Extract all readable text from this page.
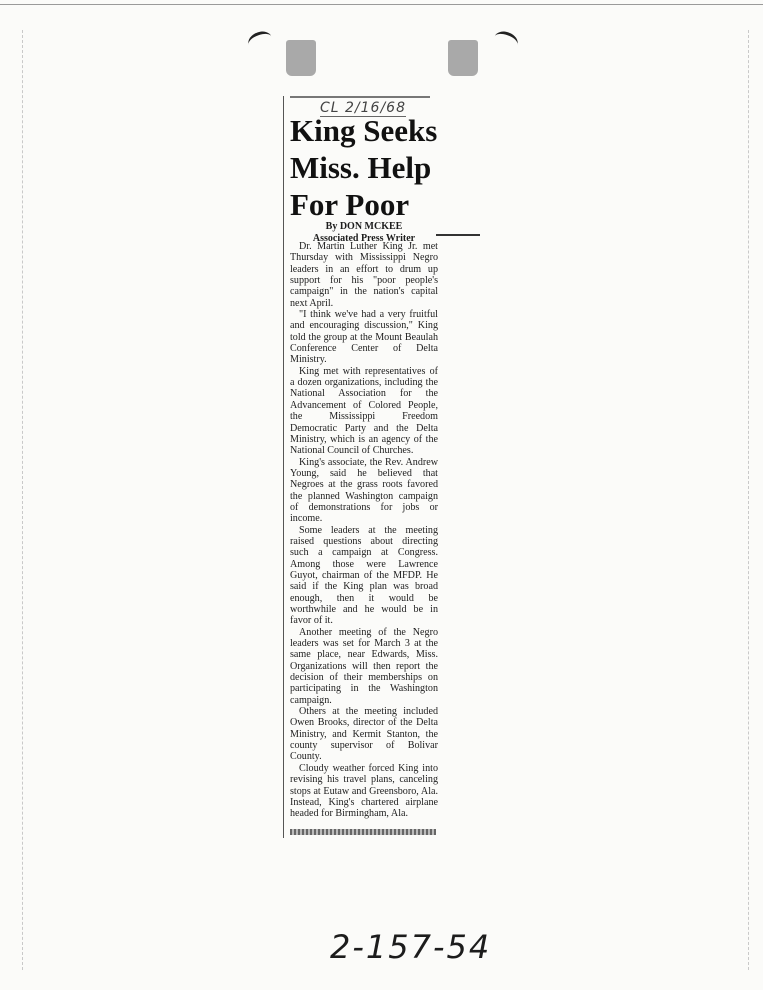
CL 2/16/68
King Seeks Miss. Help For Poor
By DON MCKEE
Associated Press Writer

Dr. Martin Luther King Jr. met Thursday with Mississippi Negro leaders in an effort to drum up support for his "poor people's campaign" in the nation's capital next April.

"I think we've had a very fruitful and encouraging discussion," King told the group at the Mount Beaulah Conference Center of Delta Ministry.

King met with representatives of a dozen organizations, including the National Association for the Advancement of Colored People, the Mississippi Freedom Democratic Party and the Delta Ministry, which is an agency of the National Council of Churches.

King's associate, the Rev. Andrew Young, said he believed that Negroes at the grass roots favored the planned Washington campaign of demonstrations for jobs or income.

Some leaders at the meeting raised questions about directing such a campaign at Congress. Among those were Lawrence Guyot, chairman of the MFDP. He said if the King plan was broad enough, then it would be worthwhile and he would be in favor of it.

Another meeting of the Negro leaders was set for March 3 at the same place, near Edwards, Miss. Organizations will then report the decision of their memberships on participating in the Washington campaign.

Others at the meeting included Owen Brooks, director of the Delta Ministry, and Kermit Stanton, the county supervisor of Bolivar County.

Cloudy weather forced King into revising his travel plans, canceling stops at Eutaw and Greensboro, Ala. Instead, King's chartered airplane headed for Birmingham, Ala.

2-157-54
